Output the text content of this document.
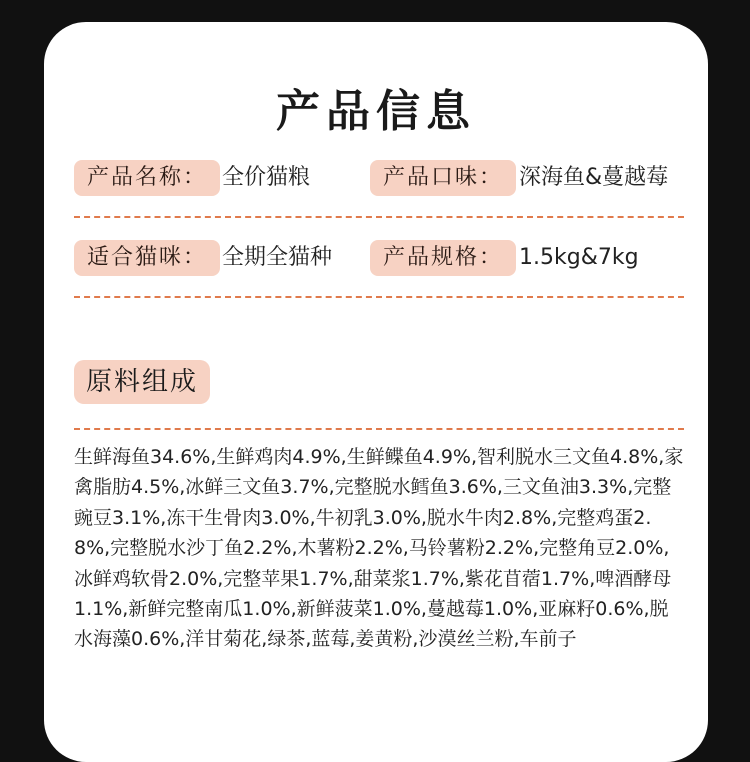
产品信息
产品名称： 全价猫粮	产品口味： 深海鱼&蔓越莓
适合猫咪： 全期全猫种	产品规格： 1.5kg&7kg
原料组成
生鲜海鱼34.6%,生鲜鸡肉4.9%,生鲜鲽鱼4.9%,智利脱水三文鱼4.8%,家禽脂肪4.5%,冰鲜三文鱼3.7%,完整脱水鳕鱼3.6%,三文鱼油3.3%,完整豌豆3.1%,冻干生骨肉3.0%,牛初乳3.0%,脱水牛肉2.8%,完整鸡蛋2.8%,完整脱水沙丁鱼2.2%,木薯粉2.2%,马铃薯粉2.2%,完整角豆2.0%,冰鲜鸡软骨2.0%,完整苹果1.7%,甜菜浆1.7%,紫花苜蓿1.7%,啤酒酵母1.1%,新鲜完整南瓜1.0%,新鲜菠菜1.0%,蔓越莓1.0%,亚麻籽0.6%,脱水海藻0.6%,洋甘菊花,绿茶,蓝莓,姜黄粉,沙漠丝兰粉,车前子
